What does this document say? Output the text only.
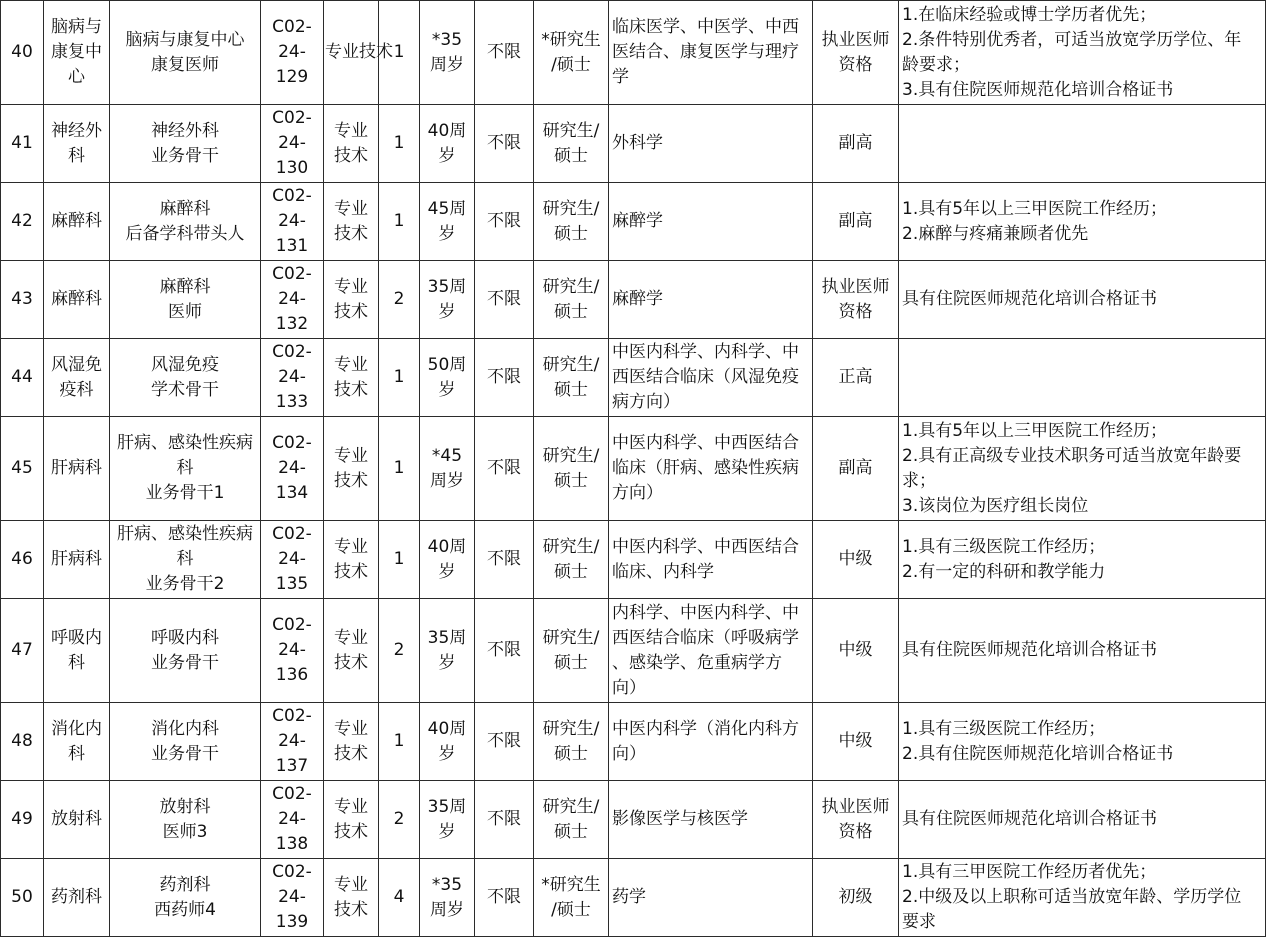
40	脑病与
康复中
心	脑病与康复中心
康复医师	C02-
24-
129	专业技术	1	*35
周岁	不限	*研究生
/硕士	临床医学、中医学、中西
医结合、康复医学与理疗
学	执业医师
资格	1.在临床经验或博士学历者优先；
2.条件特别优秀者，可适当放宽学历学位、年
龄要求；
3.具有住院医师规范化培训合格证书

41	神经外
科	神经外科
业务骨干	C02-
24-
130	专业
技术	1	40周
岁	不限	研究生/
硕士	外科学	副高	

42	麻醉科	麻醉科
后备学科带头人	C02-
24-
131	专业
技术	1	45周
岁	不限	研究生/
硕士	麻醉学	副高	1.具有5年以上三甲医院工作经历；
2.麻醉与疼痛兼顾者优先

43	麻醉科	麻醉科
医师	C02-
24-
132	专业
技术	2	35周
岁	不限	研究生/
硕士	麻醉学	执业医师
资格	具有住院医师规范化培训合格证书

44	风湿免
疫科	风湿免疫
学术骨干	C02-
24-
133	专业
技术	1	50周
岁	不限	研究生/
硕士	中医内科学、内科学、中
西医结合临床（风湿免疫
病方向）	正高	

45	肝病科	肝病、感染性疾病
科
业务骨干1	C02-
24-
134	专业
技术	1	*45
周岁	不限	研究生/
硕士	中医内科学、中西医结合
临床（肝病、感染性疾病
方向）	副高	1.具有5年以上三甲医院工作经历；
2.具有正高级专业技术职务可适当放宽年龄要
求；
3.该岗位为医疗组长岗位

46	肝病科	肝病、感染性疾病
科
业务骨干2	C02-
24-
135	专业
技术	1	40周
岁	不限	研究生/
硕士	中医内科学、中西医结合
临床、内科学	中级	1.具有三级医院工作经历；
2.有一定的科研和教学能力

47	呼吸内
科	呼吸内科
业务骨干	C02-
24-
136	专业
技术	2	35周
岁	不限	研究生/
硕士	内科学、中医内科学、中
西医结合临床（呼吸病学
、感染学、危重病学方
向）	中级	具有住院医师规范化培训合格证书

48	消化内
科	消化内科
业务骨干	C02-
24-
137	专业
技术	1	40周
岁	不限	研究生/
硕士	中医内科学（消化内科方
向）	中级	1.具有三级医院工作经历；
2.具有住院医师规范化培训合格证书

49	放射科	放射科
医师3	C02-
24-
138	专业
技术	2	35周
岁	不限	研究生/
硕士	影像医学与核医学	执业医师
资格	具有住院医师规范化培训合格证书

50	药剂科	药剂科
西药师4	C02-
24-
139	专业
技术	4	*35
周岁	不限	*研究生
/硕士	药学	初级	1.具有三甲医院工作经历者优先；
2.中级及以上职称可适当放宽年龄、学历学位
要求
